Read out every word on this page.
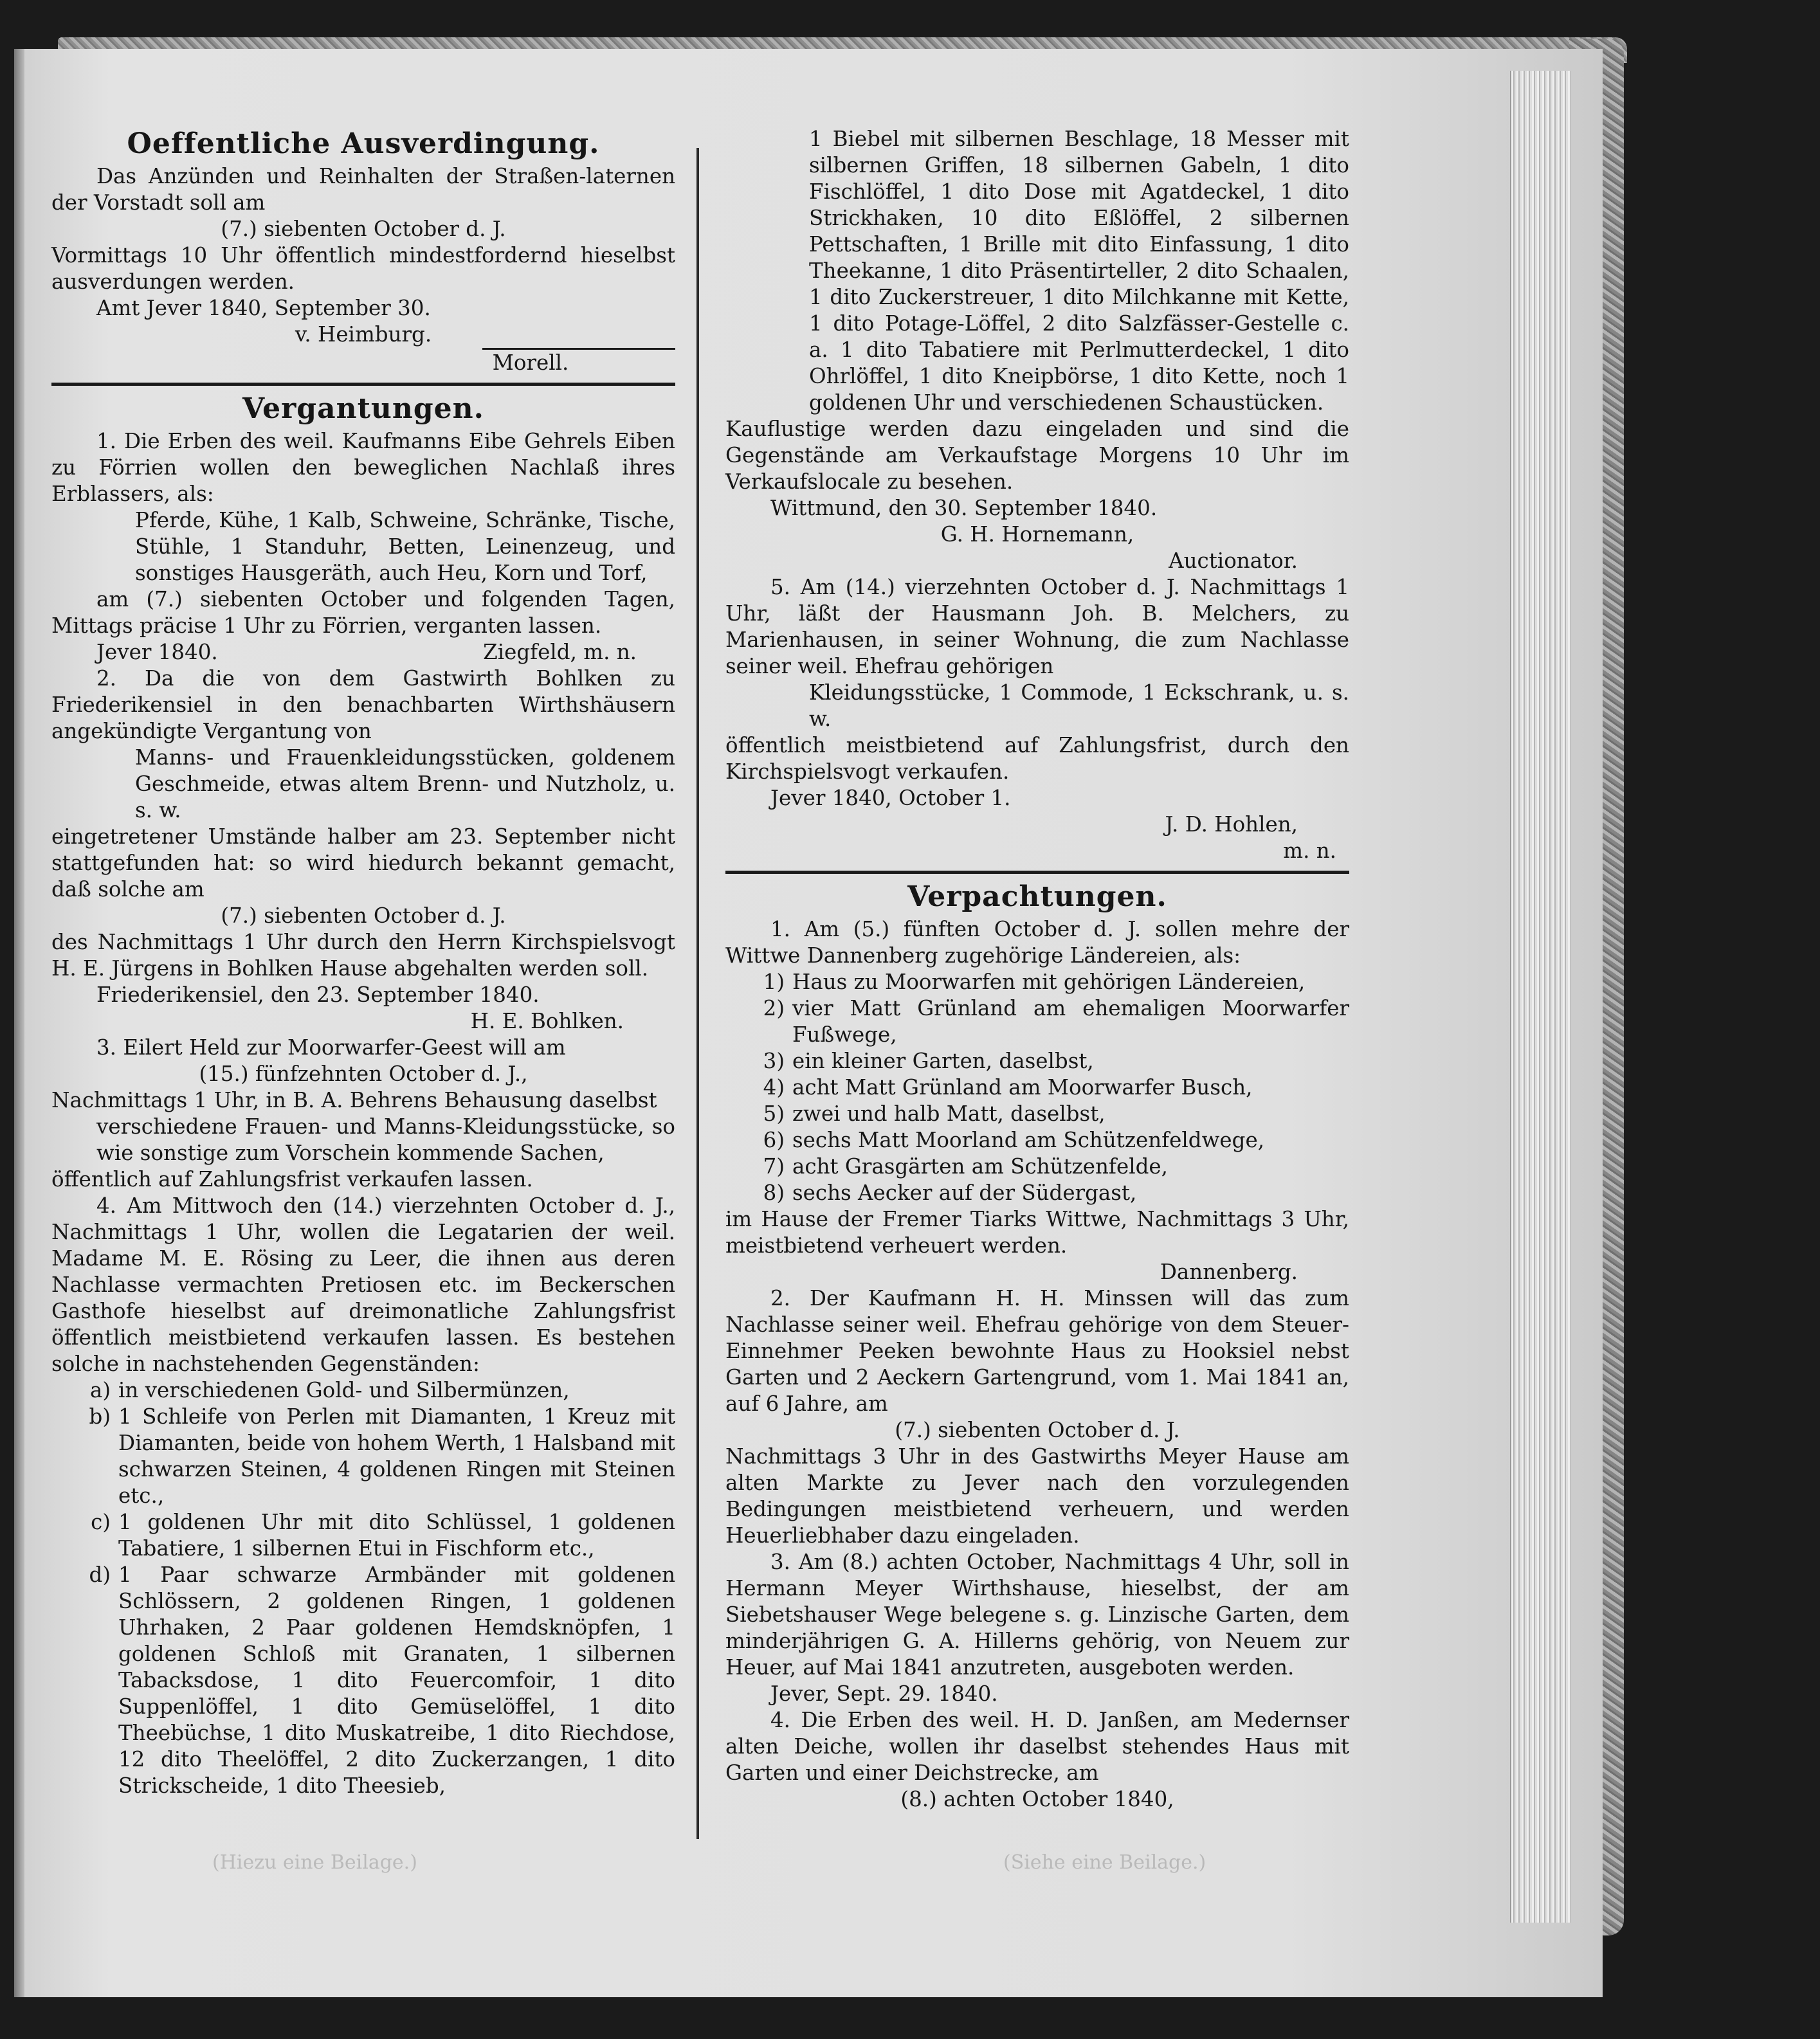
Oeffentliche Ausverdingung.

Das Anzünden und Reinhalten der Straßen-laternen der Vorstadt soll am

(7.) siebenten October d. J.

Vormittags 10 Uhr öffentlich mindestfordernd hieselbst ausverdungen werden.

Amt Jever 1840, September 30.

v. Heimburg.

Morell.

Vergantungen.

1. Die Erben des weil. Kaufmanns Eibe Gehrels Eiben zu Förrien wollen den beweglichen Nachlaß ihres Erblassers, als:

Pferde, Kühe, 1 Kalb, Schweine, Schränke, Tische, Stühle, 1 Standuhr, Betten, Leinenzeug, und sonstiges Hausgeräth, auch Heu, Korn und Torf,

am (7.) siebenten October und folgenden Tagen, Mittags präcise 1 Uhr zu Förrien, verganten lassen.

Jever 1840.	Ziegfeld, m. n.

2. Da die von dem Gastwirth Bohlken zu Friederikensiel in den benachbarten Wirthshäusern angekündigte Vergantung von

Manns- und Frauenkleidungsstücken, goldenem Geschmeide, etwas altem Brenn- und Nutzholz, u. s. w.

eingetretener Umstände halber am 23. September nicht stattgefunden hat: so wird hiedurch bekannt gemacht, daß solche am

(7.) siebenten October d. J.

des Nachmittags 1 Uhr durch den Herrn Kirchspielsvogt H. E. Jürgens in Bohlken Hause abgehalten werden soll.

Friederikensiel, den 23. September 1840.

H. E. Bohlken.

3. Eilert Held zur Moorwarfer-Geest will am

(15.) fünfzehnten October d. J.,

Nachmittags 1 Uhr, in B. A. Behrens Behausung daselbst

verschiedene Frauen- und Manns-Kleidungsstücke, so wie sonstige zum Vorschein kommende Sachen,

öffentlich auf Zahlungsfrist verkaufen lassen.

4. Am Mittwoch den (14.) vierzehnten October d. J., Nachmittags 1 Uhr, wollen die Legatarien der weil. Madame M. E. Rösing zu Leer, die ihnen aus deren Nachlasse vermachten Pretiosen etc. im Beckerschen Gasthofe hieselbst auf dreimonatliche Zahlungsfrist öffentlich meistbietend verkaufen lassen. Es bestehen solche in nachstehenden Gegenständen:

a) in verschiedenen Gold- und Silbermünzen,
b) 1 Schleife von Perlen mit Diamanten, 1 Kreuz mit Diamanten, beide von hohem Werth, 1 Halsband mit schwarzen Steinen, 4 goldenen Ringen mit Steinen etc.,
c) 1 goldenen Uhr mit dito Schlüssel, 1 goldenen Tabatiere, 1 silbernen Etui in Fischform etc.,
d) 1 Paar schwarze Armbänder mit goldenen Schlössern, 2 goldenen Ringen, 1 goldenen Uhrhaken, 2 Paar goldenen Hemdsknöpfen, 1 goldenen Schloß mit Granaten, 1 silbernen Tabacksdose, 1 dito Feuercomfoir, 1 dito Suppenlöffel, 1 dito Gemüselöffel, 1 dito Theebüchse, 1 dito Muskatreibe, 1 dito Riechdose, 12 dito Theelöffel, 2 dito Zuckerzangen, 1 dito Strickscheide, 1 dito Theesieb,

1 Biebel mit silbernen Beschlage, 18 Messer mit silbernen Griffen, 18 silbernen Gabeln, 1 dito Fischlöffel, 1 dito Dose mit Agatdeckel, 1 dito Strickhaken, 10 dito Eßlöffel, 2 silbernen Pettschaften, 1 Brille mit dito Einfassung, 1 dito Theekanne, 1 dito Präsentirteller, 2 dito Schaalen, 1 dito Zuckerstreuer, 1 dito Milchkanne mit Kette, 1 dito Potage-Löffel, 2 dito Salzfässer-Gestelle c. a. 1 dito Tabatiere mit Perlmutterdeckel, 1 dito Ohrlöffel, 1 dito Kneipbörse, 1 dito Kette, noch 1 goldenen Uhr und verschiedenen Schaustücken.

Kauflustige werden dazu eingeladen und sind die Gegenstände am Verkaufstage Morgens 10 Uhr im Verkaufslocale zu besehen.

Wittmund, den 30. September 1840.

G. H. Hornemann,

Auctionator.

5. Am (14.) vierzehnten October d. J. Nachmittags 1 Uhr, läßt der Hausmann Joh. B. Melchers, zu Marienhausen, in seiner Wohnung, die zum Nachlasse seiner weil. Ehefrau gehörigen

Kleidungsstücke, 1 Commode, 1 Eckschrank, u. s. w.

öffentlich meistbietend auf Zahlungsfrist, durch den Kirchspielsvogt verkaufen.

Jever 1840, October 1.

J. D. Hohlen,

m. n.

Verpachtungen.

1. Am (5.) fünften October d. J. sollen mehre der Wittwe Dannenberg zugehörige Ländereien, als:

1) Haus zu Moorwarfen mit gehörigen Ländereien,
2) vier Matt Grünland am ehemaligen Moorwarfer Fußwege,
3) ein kleiner Garten, daselbst,
4) acht Matt Grünland am Moorwarfer Busch,
5) zwei und halb Matt, daselbst,
6) sechs Matt Moorland am Schützenfeldwege,
7) acht Grasgärten am Schützenfelde,
8) sechs Aecker auf der Südergast,

im Hause der Fremer Tiarks Wittwe, Nachmittags 3 Uhr, meistbietend verheuert werden.

Dannenberg.

2. Der Kaufmann H. H. Minssen will das zum Nachlasse seiner weil. Ehefrau gehörige von dem Steuer-Einnehmer Peeken bewohnte Haus zu Hooksiel nebst Garten und 2 Aeckern Gartengrund, vom 1. Mai 1841 an, auf 6 Jahre, am

(7.) siebenten October d. J.

Nachmittags 3 Uhr in des Gastwirths Meyer Hause am alten Markte zu Jever nach den vorzulegenden Bedingungen meistbietend verheuern, und werden Heuerliebhaber dazu eingeladen.

3. Am (8.) achten October, Nachmittags 4 Uhr, soll in Hermann Meyer Wirthshause, hieselbst, der am Siebetshauser Wege belegene s. g. Linzische Garten, dem minderjährigen G. A. Hillerns gehörig, von Neuem zur Heuer, auf Mai 1841 anzutreten, ausgeboten werden.

Jever, Sept. 29. 1840.

4. Die Erben des weil. H. D. Janßen, am Medernser alten Deiche, wollen ihr daselbst stehendes Haus mit Garten und einer Deichstrecke, am

(8.) achten October 1840,

(Hiezu eine Beilage.)	(Siehe eine Beilage.)
